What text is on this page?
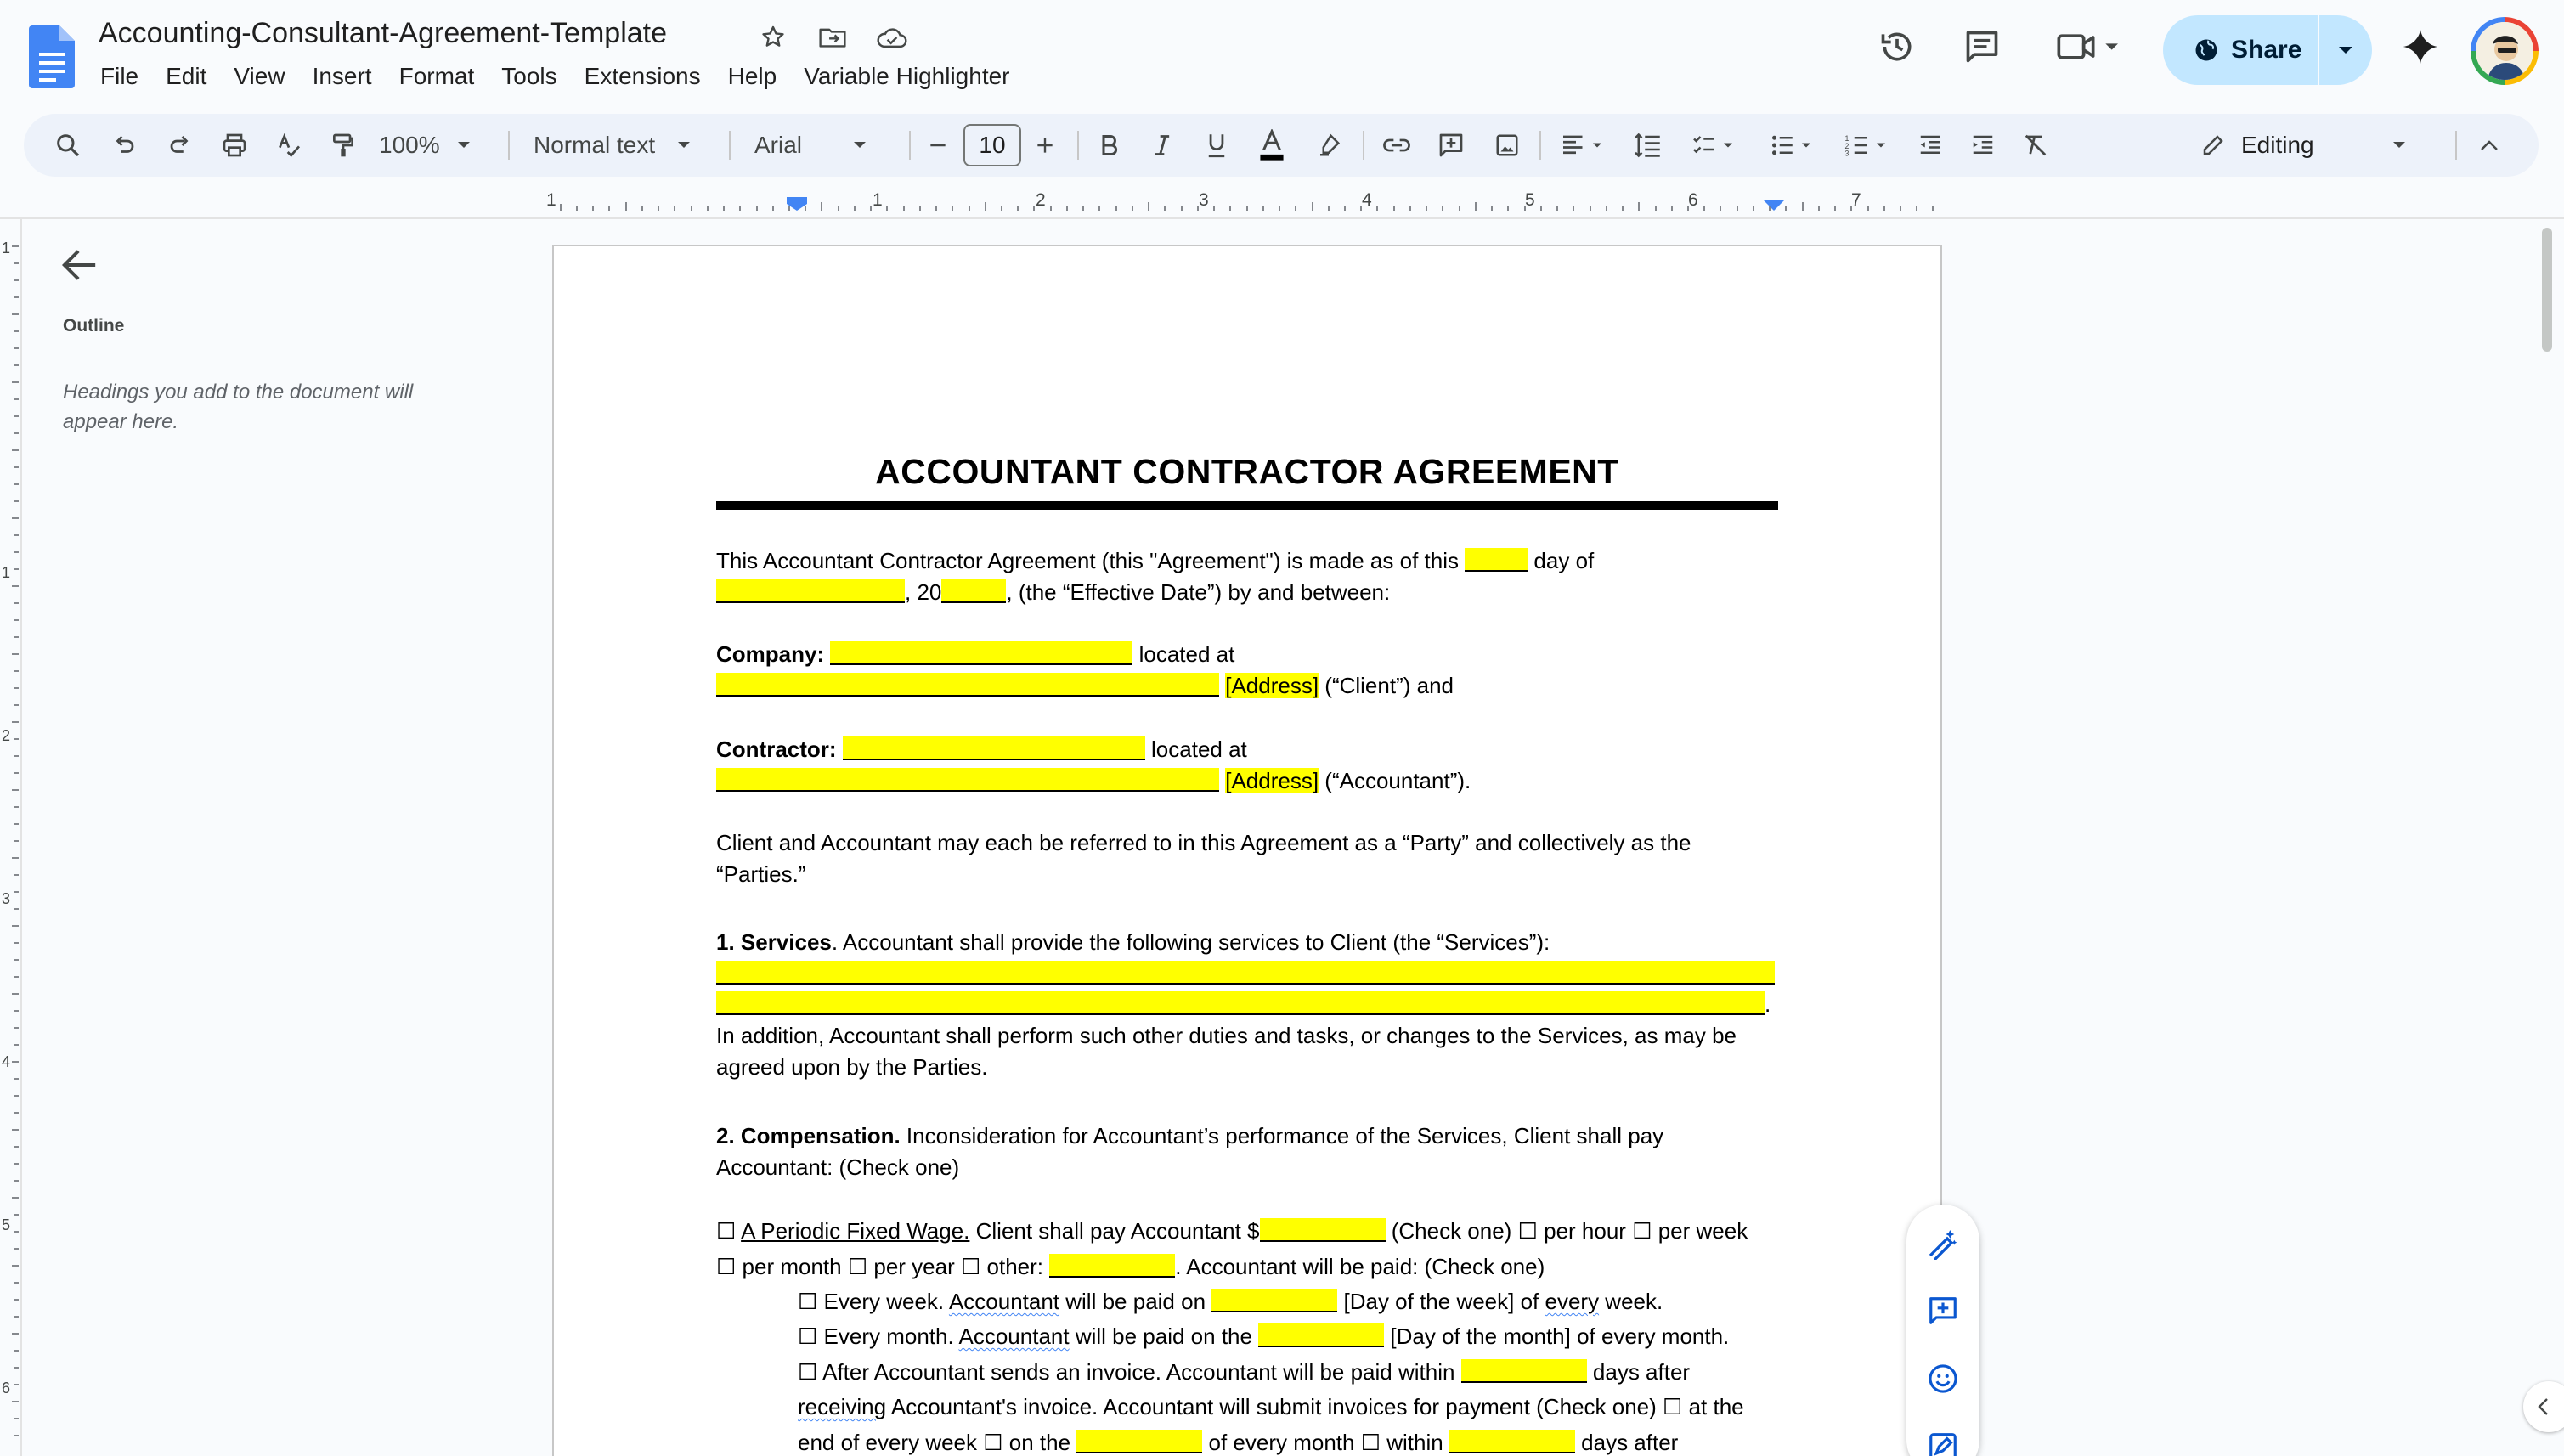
Accounting-Consultant-Agreement-Template
File	Edit	View	Insert	Format	Tools	Extensions	Help	Variable Highlighter
Share
100%	Normal text	Arial	10	1
2
3	Editing
1	1	2	3	4	5	6	7
1
1
2
3
4
5
6
Outline
Headings you add to the document will appear here.
ACCOUNTANT CONTRACTOR AGREEMENT
This Accountant Contractor Agreement (this "Agreement") is made as of this	day of
, 20	, (the “Effective Date”) by and between:
Company:	located at
[Address] (“Client”) and
Contractor:	located at
[Address] (“Accountant”).
Client and Accountant may each be referred to in this Agreement as a “Party” and collectively as the
“Parties.”
1. Services. Accountant shall provide the following services to Client (the “Services”):
.
In addition, Accountant shall perform such other duties and tasks, or changes to the Services, as may be
agreed upon by the Parties.
2. Compensation. Inconsideration for Accountant’s performance of the Services, Client shall pay
Accountant: (Check one)
☐ A Periodic Fixed Wage. Client shall pay Accountant $	(Check one) ☐ per hour ☐ per week
☐ per month ☐ per year ☐ other:	. Accountant will be paid: (Check one)
☐ Every week. Accountant will be paid on	[Day of the week] of every week.
☐ Every month. Accountant will be paid on the	[Day of the month] of every month.
☐ After Accountant sends an invoice. Accountant will be paid within	days after
receiving Accountant's invoice. Accountant will submit invoices for payment (Check one) ☐ at the
end of every week ☐ on the	of every month ☐ within	days after
